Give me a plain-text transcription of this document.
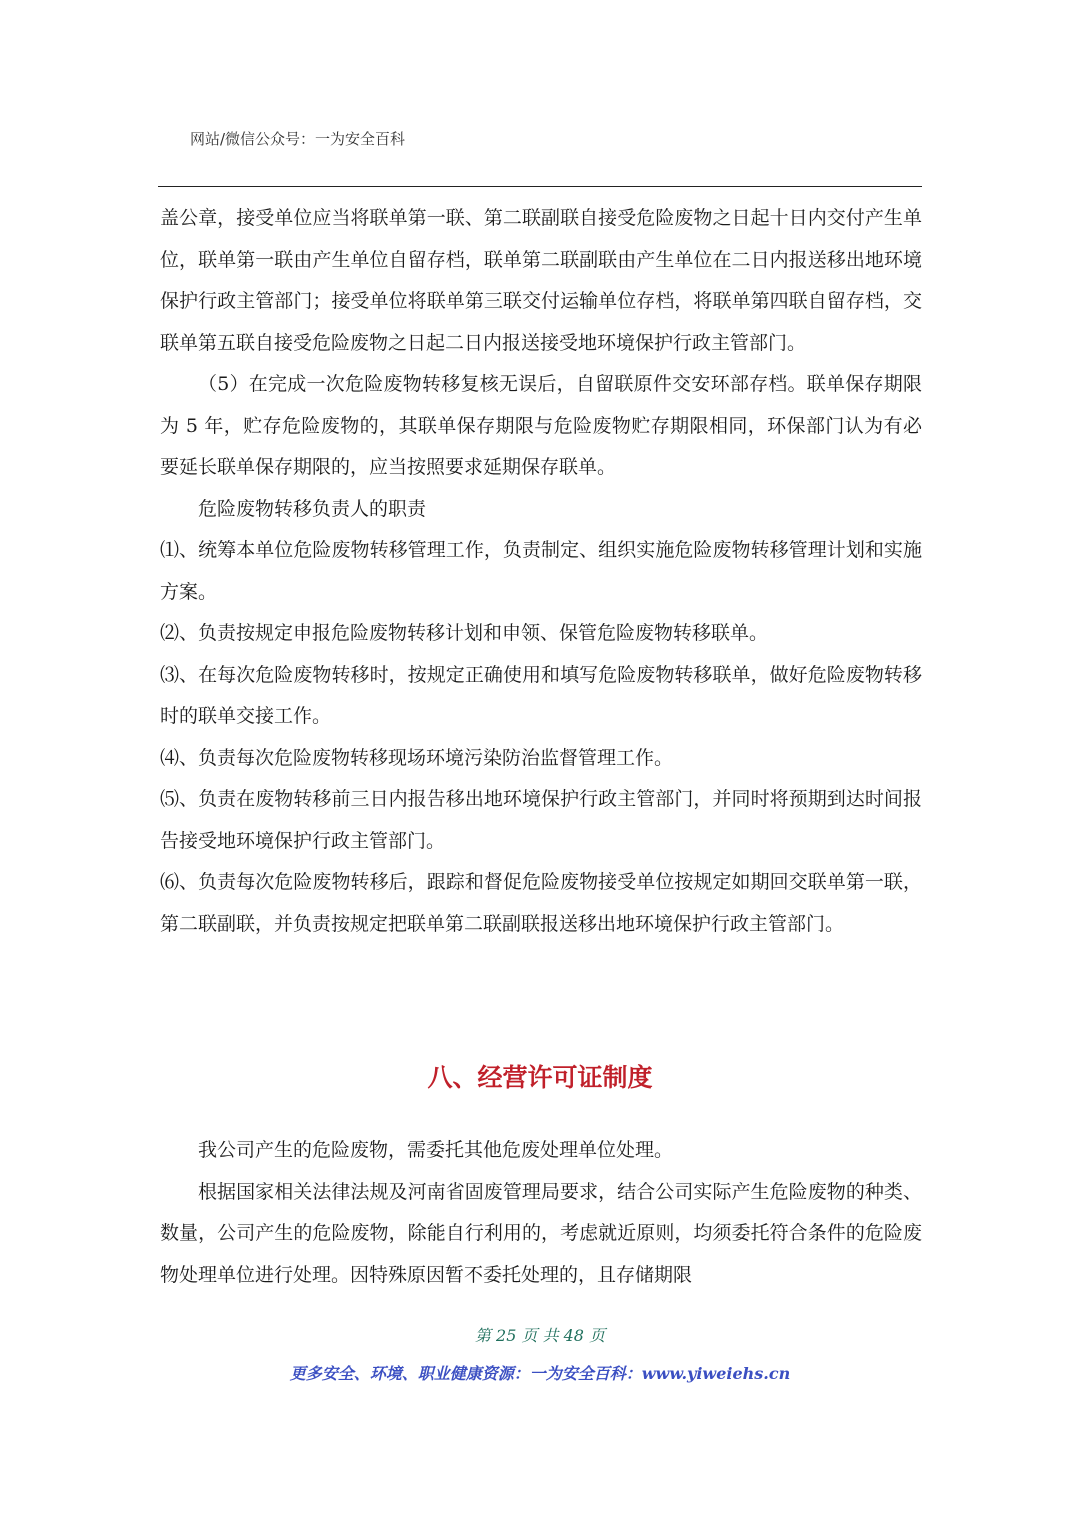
网站/微信公众号：一为安全百科

盖公章，接受单位应当将联单第一联、第二联副联自接受危险废物之日起十日内交付产生单位，联单第一联由产生单位自留存档，联单第二联副联由产生单位在二日内报送移出地环境保护行政主管部门；接受单位将联单第三联交付运输单位存档，将联单第四联自留存档，交联单第五联自接受危险废物之日起二日内报送接受地环境保护行政主管部门。

（5）在完成一次危险废物转移复核无误后，自留联原件交安环部存档。联单保存期限为 5 年，贮存危险废物的，其联单保存期限与危险废物贮存期限相同，环保部门认为有必要延长联单保存期限的，应当按照要求延期保存联单。

危险废物转移负责人的职责

⑴、统筹本单位危险废物转移管理工作，负责制定、组织实施危险废物转移管理计划和实施方案。

⑵、负责按规定申报危险废物转移计划和申领、保管危险废物转移联单。

⑶、在每次危险废物转移时，按规定正确使用和填写危险废物转移联单，做好危险废物转移时的联单交接工作。

⑷、负责每次危险废物转移现场环境污染防治监督管理工作。

⑸、负责在废物转移前三日内报告移出地环境保护行政主管部门，并同时将预期到达时间报告接受地环境保护行政主管部门。

⑹、负责每次危险废物转移后，跟踪和督促危险废物接受单位按规定如期回交联单第一联，第二联副联，并负责按规定把联单第二联副联报送移出地环境保护行政主管部门。

八、经营许可证制度

我公司产生的危险废物，需委托其他危废处理单位处理。

根据国家相关法律法规及河南省固废管理局要求，结合公司实际产生危险废物的种类、数量，公司产生的危险废物，除能自行利用的，考虑就近原则，均须委托符合条件的危险废物处理单位进行处理。因特殊原因暂不委托处理的，且存储期限

第 25 页 共 48 页
更多安全、环境、职业健康资源：一为安全百科：www.yiweiehs.cn
